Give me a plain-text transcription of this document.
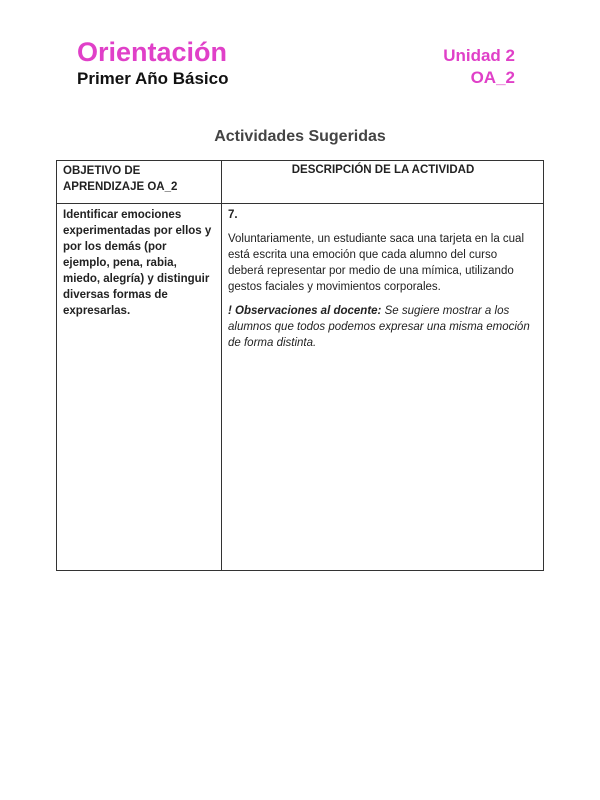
Orientación
Primer Año Básico
Unidad 2
OA_2
Actividades Sugeridas
OBJETIVO DE APRENDIZAJE OA_2
DESCRIPCIÓN DE LA ACTIVIDAD
Identificar emociones experimentadas por ellos y por los demás (por ejemplo, pena, rabia, miedo, alegría) y distinguir diversas formas de expresarlas.
7.
Voluntariamente, un estudiante saca una tarjeta en la cual está escrita una emoción que cada alumno del curso deberá representar por medio de una mímica, utilizando gestos faciales y movimientos corporales.
! Observaciones al docente: Se sugiere mostrar a los alumnos que todos podemos expresar una misma emoción de forma distinta.
